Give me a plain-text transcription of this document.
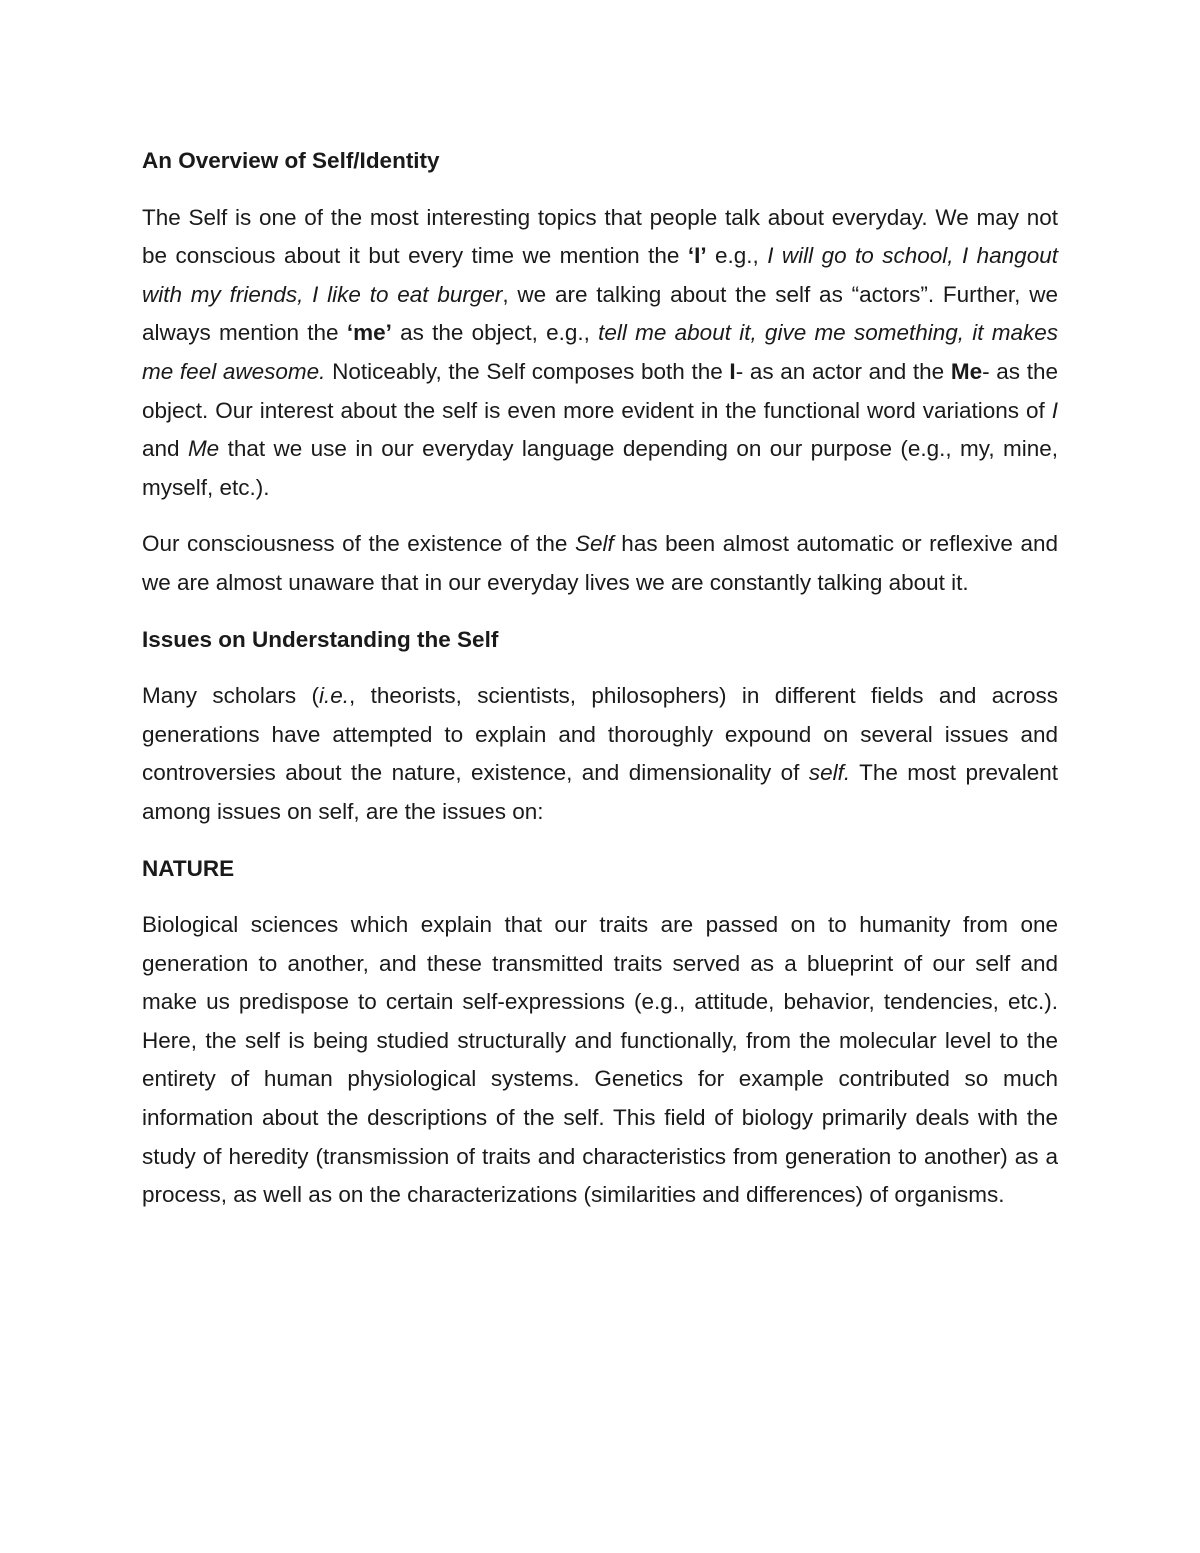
An Overview of Self/Identity

The Self is one of the most interesting topics that people talk about everyday. We may not be conscious about it but every time we mention the ‘I’ e.g., I will go to school, I hangout with my friends, I like to eat burger, we are talking about the self as “actors”. Further, we always mention the ‘me’ as the object, e.g., tell me about it, give me something, it makes me feel awesome. Noticeably, the Self composes both the I- as an actor and the Me- as the object. Our interest about the self is even more evident in the functional word variations of I and Me that we use in our everyday language depending on our purpose (e.g., my, mine, myself, etc.).

Our consciousness of the existence of the Self has been almost automatic or reflexive and we are almost unaware that in our everyday lives we are constantly talking about it.

Issues on Understanding the Self

Many scholars (i.e., theorists, scientists, philosophers) in different fields and across generations have attempted to explain and thoroughly expound on several issues and controversies about the nature, existence, and dimensionality of self. The most prevalent among issues on self, are the issues on:

NATURE

Biological sciences which explain that our traits are passed on to humanity from one generation to another, and these transmitted traits served as a blueprint of our self and make us predispose to certain self-expressions (e.g., attitude, behavior, tendencies, etc.). Here, the self is being studied structurally and functionally, from the molecular level to the entirety of human physiological systems. Genetics for example contributed so much information about the descriptions of the self. This field of biology primarily deals with the study of heredity (transmission of traits and characteristics from generation to another) as a process, as well as on the characterizations (similarities and differences) of organisms.
